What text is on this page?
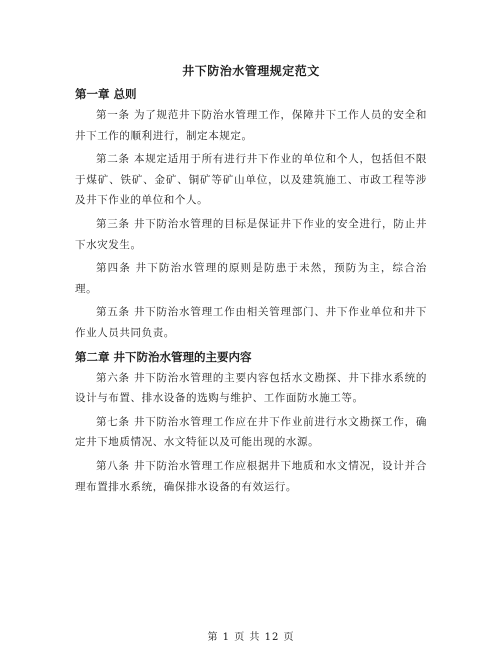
井下防治水管理规定范文
第一章 总则

第一条 为了规范井下防治水管理工作，保障井下工作人员的安全和井下工作的顺利进行，制定本规定。

第二条 本规定适用于所有进行井下作业的单位和个人，包括但不限于煤矿、铁矿、金矿、铜矿等矿山单位，以及建筑施工、市政工程等涉及井下作业的单位和个人。

第三条 井下防治水管理的目标是保证井下作业的安全进行，防止井下水灾发生。

第四条 井下防治水管理的原则是防患于未然，预防为主，综合治理。

第五条 井下防治水管理工作由相关管理部门、井下作业单位和井下作业人员共同负责。

第二章 井下防治水管理的主要内容

第六条 井下防治水管理的主要内容包括水文勘探、井下排水系统的设计与布置、排水设备的选购与维护、工作面防水施工等。

第七条 井下防治水管理工作应在井下作业前进行水文勘探工作，确定井下地质情况、水文特征以及可能出现的水源。

第八条 井下防治水管理工作应根据井下地质和水文情况，设计并合理布置排水系统，确保排水设备的有效运行。

第 1 页 共 12 页
